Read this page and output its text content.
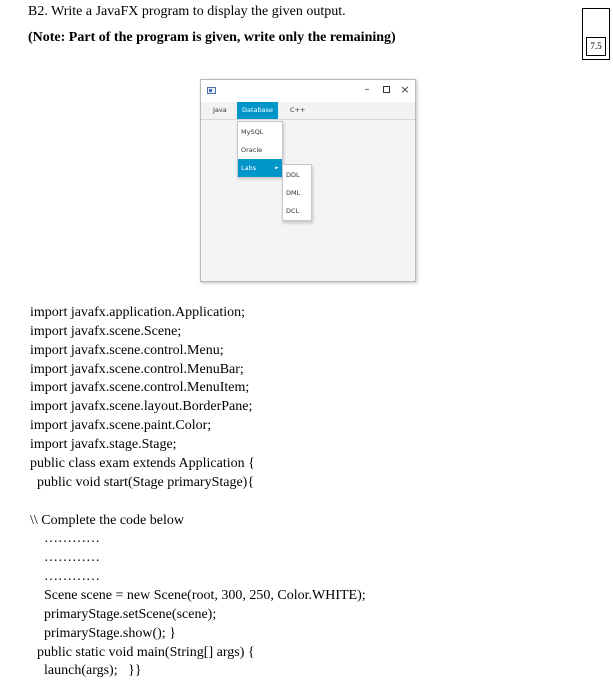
B2. Write a JavaFX program to display the given output.
(Note: Part of the program is given, write only the remaining)
7.5
–	×
Java	Database	C++
MySQL
Oracle
Labs	►
DDL
DML
DCL
import javafx.application.Application;
import javafx.scene.Scene;
import javafx.scene.control.Menu;
import javafx.scene.control.MenuBar;
import javafx.scene.control.MenuItem;
import javafx.scene.layout.BorderPane;
import javafx.scene.paint.Color;
import javafx.stage.Stage;
public class exam extends Application {
public void start(Stage primaryStage){
\\ Complete the code below
…………
…………
…………
Scene scene = new Scene(root, 300, 250, Color.WHITE);
primaryStage.setScene(scene);
primaryStage.show(); }
public static void main(String[] args) {
launch(args);   }}
